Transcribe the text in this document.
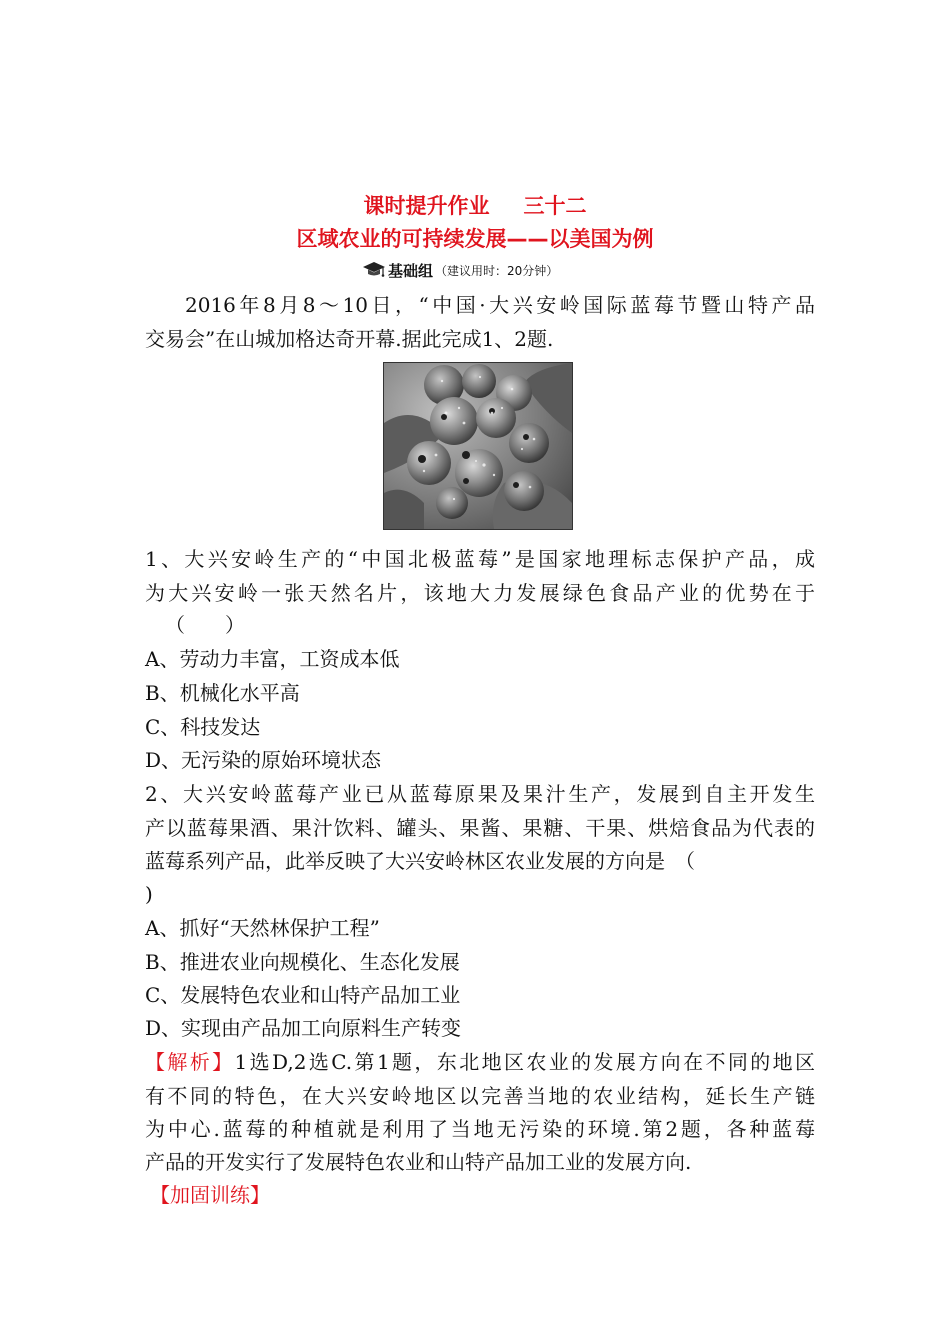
课时提升作业 三十二
区域农业的可持续发展——以美国为例
基础组 （建议用时：20分钟）
2016年8月8～10日，“中国·大兴安岭国际蓝莓节暨山特产品
交易会”在山城加格达奇开幕.据此完成1、2题.
1、大兴安岭生产的“中国北极蓝莓”是国家地理标志保护产品，成
为大兴安岭一张天然名片，该地大力发展绿色食品产业的优势在于
（　　）
A、劳动力丰富，工资成本低
B、机械化水平高
C、科技发达
D、无污染的原始环境状态
2、大兴安岭蓝莓产业已从蓝莓原果及果汁生产，发展到自主开发生
产以蓝莓果酒、果汁饮料、罐头、果酱、果糖、干果、烘焙食品为代表的
蓝莓系列产品，此举反映了大兴安岭林区农业发展的方向是　（
)
A、抓好“天然林保护工程”
B、推进农业向规模化、生态化发展
C、发展特色农业和山特产品加工业
D、实现由产品加工向原料生产转变
【解析】1选D,2选C.第1题，东北地区农业的发展方向在不同的地区
有不同的特色，在大兴安岭地区以完善当地的农业结构，延长生产链
为中心.蓝莓的种植就是利用了当地无污染的环境.第2题，各种蓝莓
产品的开发实行了发展特色农业和山特产品加工业的发展方向.
【加固训练】
